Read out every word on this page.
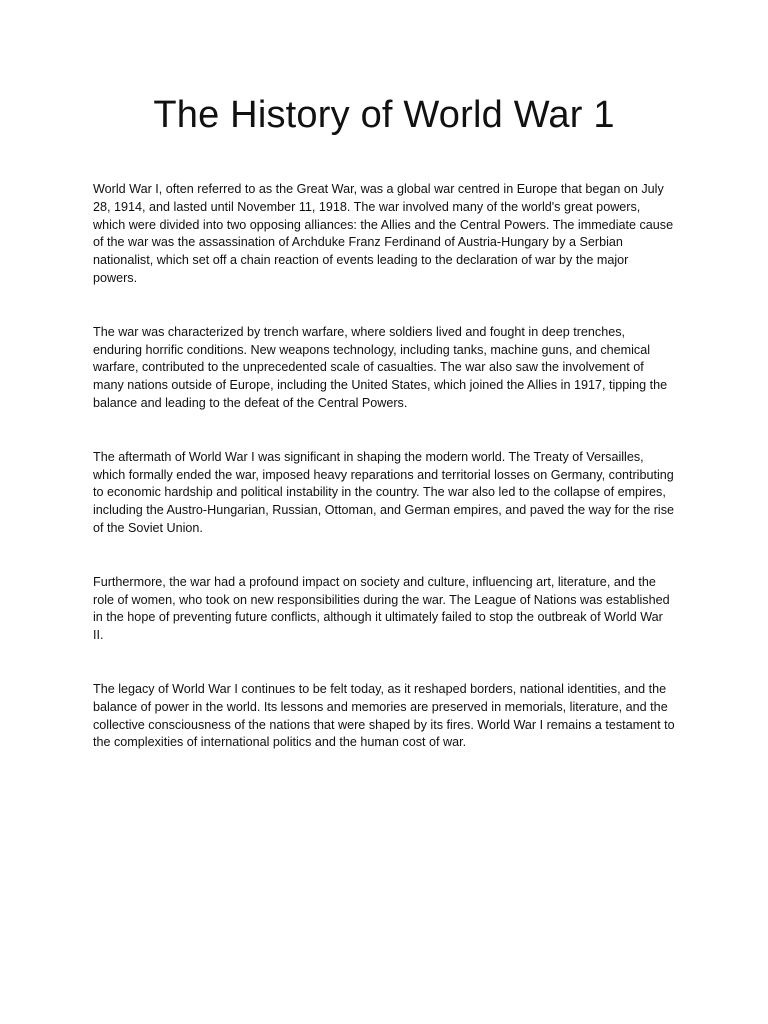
The History of World War 1

World War I, often referred to as the Great War, was a global war centred in Europe that began on July 28, 1914, and lasted until November 11, 1918. The war involved many of the world's great powers, which were divided into two opposing alliances: the Allies and the Central Powers. The immediate cause of the war was the assassination of Archduke Franz Ferdinand of Austria-Hungary by a Serbian nationalist, which set off a chain reaction of events leading to the declaration of war by the major powers.

The war was characterized by trench warfare, where soldiers lived and fought in deep trenches, enduring horrific conditions. New weapons technology, including tanks, machine guns, and chemical warfare, contributed to the unprecedented scale of casualties. The war also saw the involvement of many nations outside of Europe, including the United States, which joined the Allies in 1917, tipping the balance and leading to the defeat of the Central Powers.

The aftermath of World War I was significant in shaping the modern world. The Treaty of Versailles, which formally ended the war, imposed heavy reparations and territorial losses on Germany, contributing to economic hardship and political instability in the country. The war also led to the collapse of empires, including the Austro-Hungarian, Russian, Ottoman, and German empires, and paved the way for the rise of the Soviet Union.

Furthermore, the war had a profound impact on society and culture, influencing art, literature, and the role of women, who took on new responsibilities during the war. The League of Nations was established in the hope of preventing future conflicts, although it ultimately failed to stop the outbreak of World War II.

The legacy of World War I continues to be felt today, as it reshaped borders, national identities, and the balance of power in the world. Its lessons and memories are preserved in memorials, literature, and the collective consciousness of the nations that were shaped by its fires. World War I remains a testament to the complexities of international politics and the human cost of war.
